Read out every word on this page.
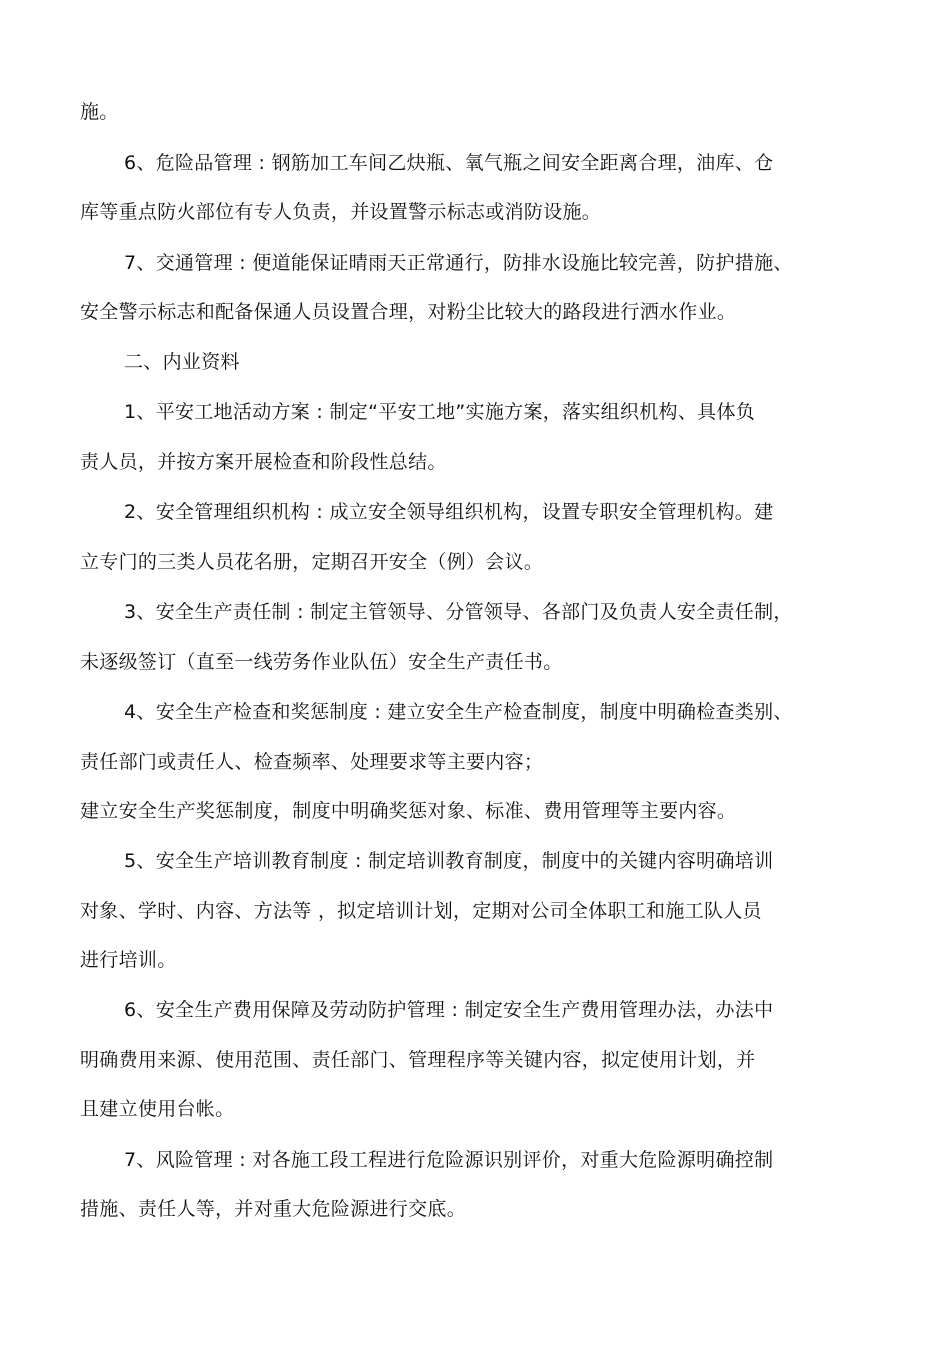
施。
6、危险品管理 : 钢筋加工车间乙炔瓶、氧气瓶之间安全距离合理，油库、仓
库等重点防火部位有专人负责，并设置警示标志或消防设施。
7、交通管理 : 便道能保证晴雨天正常通行，防排水设施比较完善，防护措施、
安全警示标志和配备保通人员设置合理，对粉尘比较大的路段进行洒水作业。
二、内业资料
1、平安工地活动方案 : 制定“平安工地”实施方案，落实组织机构、具体负
责人员，并按方案开展检查和阶段性总结。
2、安全管理组织机构 : 成立安全领导组织机构，设置专职安全管理机构。建
立专门的三类人员花名册，定期召开安全（例）会议。
3、安全生产责任制 : 制定主管领导、分管领导、各部门及负责人安全责任制，
未逐级签订（直至一线劳务作业队伍）安全生产责任书。
4、安全生产检查和奖惩制度 : 建立安全生产检查制度，制度中明确检查类别、
责任部门或责任人、检查频率、处理要求等主要内容；
建立安全生产奖惩制度，制度中明确奖惩对象、标准、费用管理等主要内容。
5、安全生产培训教育制度 : 制定培训教育制度，制度中的关键内容明确培训
对象、学时、内容、方法等 ，拟定培训计划，定期对公司全体职工和施工队人员
进行培训。
6、安全生产费用保障及劳动防护管理 : 制定安全生产费用管理办法，办法中
明确费用来源、使用范围、责任部门、管理程序等关键内容，拟定使用计划，并
且建立使用台帐。
7、风险管理 : 对各施工段工程进行危险源识别评价，对重大危险源明确控制
措施、责任人等，并对重大危险源进行交底。
